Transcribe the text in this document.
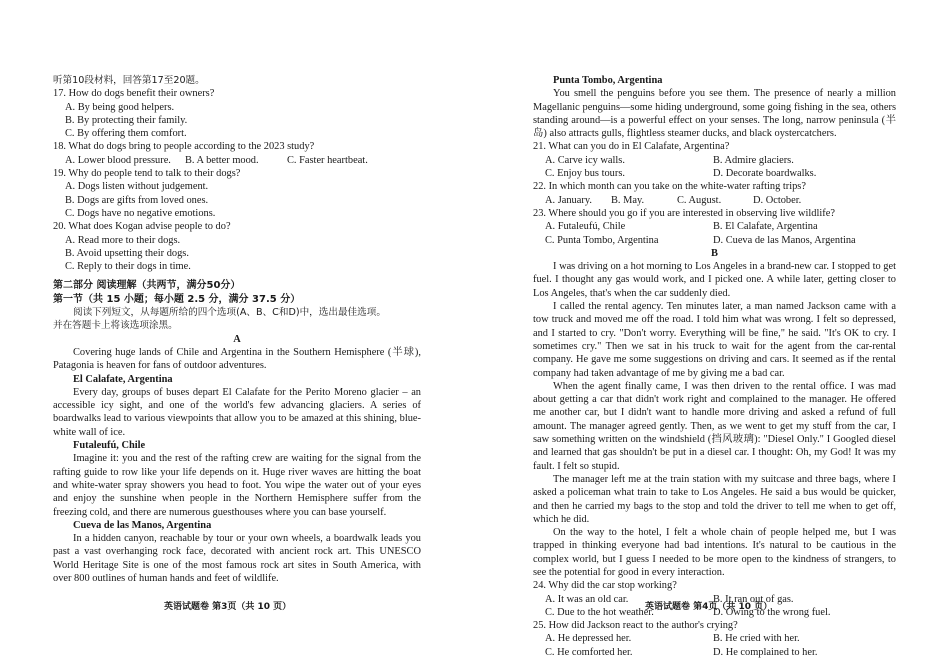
听第10段材料，回答第17至20题。

17. How do dogs benefit their owners?

A. By being good helpers.

B. By protecting their family.

C. By offering them comfort.

18. What do dogs bring to people according to the 2023 study?

A. Lower blood pressure.	B. A better mood.	C. Faster heartbeat.

19. Why do people tend to talk to their dogs?

A. Dogs listen without judgement.

B. Dogs are gifts from loved ones.

C. Dogs have no negative emotions.

20. What does Kogan advise people to do?

A. Read more to their dogs.

B. Avoid upsetting their dogs.

C. Reply to their dogs in time.

第二部分 阅读理解（共两节，满分50分）

第一节（共 15 小题；每小题 2.5 分，满分 37.5 分）

阅读下列短文，从每题所给的四个选项(A、B、C和D)中，选出最佳选项。

并在答题卡上将该选项涂黑。

A

Covering huge lands of Chile and Argentina in the Southern Hemisphere (半球), Patagonia is heaven for fans of outdoor adventures.

El Calafate, Argentina

Every day, groups of buses depart El Calafate for the Perito Moreno glacier – an accessible icy sight, and one of the world's few advancing glaciers. A series of boardwalks lead to various viewpoints that allow you to be amazed at this shining, blue-white wall of ice.

Futaleufú, Chile

Imagine it: you and the rest of the rafting crew are waiting for the signal from the rafting guide to row like your life depends on it. Huge river waves are hitting the boat and white-water spray showers you head to foot. You wipe the water out of your eyes and enjoy the sunshine when people in the Northern Hemisphere suffer from the freezing cold, and there are numerous guesthouses where you can base yourself.

Cueva de las Manos, Argentina

In a hidden canyon, reachable by tour or your own wheels, a boardwalk leads you past a vast overhanging rock face, decorated with ancient rock art. This UNESCO World Heritage Site is one of the most famous rock art sites in South America, with over 800 outlines of human hands and feet of wildlife.

Punta Tombo, Argentina

You smell the penguins before you see them. The presence of nearly a million Magellanic penguins—some hiding underground, some going fishing in the sea, others standing around—is a powerful effect on your senses. The long, narrow peninsula (半岛) also attracts gulls, flightless steamer ducks, and black oystercatchers.

21. What can you do in El Calafate, Argentina?

A. Carve icy walls.	B. Admire glaciers.
C. Enjoy bus tours.	D. Decorate boardwalks.

22. In which month can you take on the white-water rafting trips?

A. January.	B. May.	C. August.	D. October.

23. Where should you go if you are interested in observing live wildlife?

A. Futaleufú, Chile	B. El Calafate, Argentina
C. Punta Tombo, Argentina	D. Cueva de las Manos, Argentina

B

I was driving on a hot morning to Los Angeles in a brand-new car. I stopped to get fuel. I thought any gas would work, and I picked one. A while later, getting closer to Los Angeles, that's when the car suddenly died.

I called the rental agency. Ten minutes later, a man named Jackson came with a tow truck and moved me off the road. I told him what was wrong. I felt so depressed, and I started to cry. "Don't worry. Everything will be fine," he said. "It's OK to cry. I sometimes cry." Then we sat in his truck to wait for the agent from the car-rental company. He gave me some suggestions on driving and cars. It seemed as if the rental company had taken advantage of me by giving me a bad car.

When the agent finally came, I was then driven to the rental office. I was mad about getting a car that didn't work right and complained to the manager. He offered me another car, but I didn't want to handle more driving and asked a refund of full amount. The manager agreed gently. Then, as we went to get my stuff from the car, I saw something written on the windshield (挡风玻璃): "Diesel Only." I Googled diesel and learned that gas shouldn't be put in a diesel car. I thought: Oh, my God! It was my fault. I felt so stupid.

The manager left me at the train station with my suitcase and three bags, where I asked a policeman what train to take to Los Angeles. He said a bus would be quicker, and then he carried my bags to the stop and told the driver to tell me when to get off, which he did.

On the way to the hotel, I felt a whole chain of people helped me, but I was trapped in thinking everyone had bad intentions. It's natural to be cautious in the complex world, but I guess I needed to be more open to the kindness of strangers, to see the potential for good in every interaction.

24. Why did the car stop working?

A. It was an old car.	B. It ran out of gas.
C. Due to the hot weather.	D. Owing to the wrong fuel.

25. How did Jackson react to the author's crying?

A. He depressed her.	B. He cried with her.
C. He comforted her.	D. He complained to her.
英语试题卷 第3页（共 10 页）	英语试题卷 第4页（共 10 页）
